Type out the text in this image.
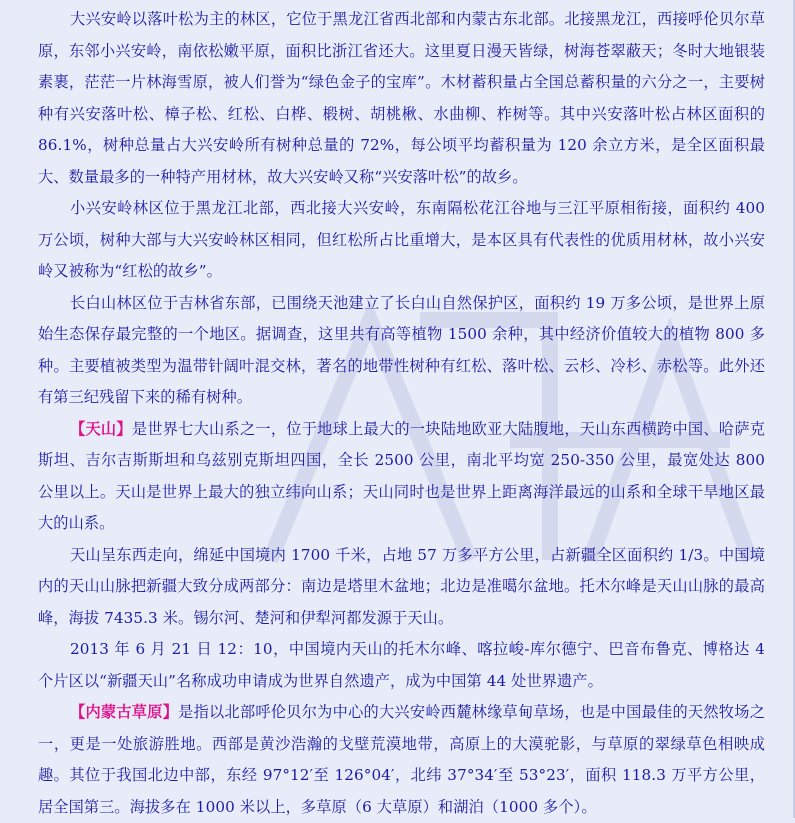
大兴安岭以落叶松为主的林区，它位于黑龙江省西北部和内蒙古东北部。北接黑龙江，西接呼伦贝尔草原，东邻小兴安岭，南依松嫩平原，面积比浙江省还大。这里夏日漫天皆绿，树海苍翠蔽天；冬时大地银装素裹，茫茫一片林海雪原，被人们誉为“绿色金子的宝库”。木材蓄积量占全国总蓄积量的六分之一，主要树种有兴安落叶松、樟子松、红松、白桦、椴树、胡桃楸、水曲柳、柞树等。其中兴安落叶松占林区面积的 86.1%，树种总量占大兴安岭所有树种总量的 72%，每公顷平均蓄积量为 120 余立方米，是全区面积最大、数量最多的一种特产用材林，故大兴安岭又称“兴安落叶松”的故乡。

小兴安岭林区位于黑龙江北部，西北接大兴安岭，东南隔松花江谷地与三江平原相衔接，面积约 400 万公顷，树种大部与大兴安岭林区相同，但红松所占比重增大，是本区具有代表性的优质用材林，故小兴安岭又被称为“红松的故乡”。

长白山林区位于吉林省东部，已围绕天池建立了长白山自然保护区，面积约 19 万多公顷，是世界上原始生态保存最完整的一个地区。据调查，这里共有高等植物 1500 余种，其中经济价值较大的植物 800 多种。主要植被类型为温带针阔叶混交林，著名的地带性树种有红松、落叶松、云杉、冷杉、赤松等。此外还有第三纪残留下来的稀有树种。

【天山】是世界七大山系之一，位于地球上最大的一块陆地欧亚大陆腹地，天山东西横跨中国、哈萨克斯坦、吉尔吉斯斯坦和乌兹别克斯坦四国，全长 2500 公里，南北平均宽 250-350 公里，最宽处达 800 公里以上。天山是世界上最大的独立纬向山系；天山同时也是世界上距离海洋最远的山系和全球干旱地区最大的山系。

天山呈东西走向，绵延中国境内 1700 千米，占地 57 万多平方公里，占新疆全区面积约 1/3。中国境内的天山山脉把新疆大致分成两部分：南边是塔里木盆地；北边是准噶尔盆地。托木尔峰是天山山脉的最高峰，海拔 7435.3 米。锡尔河、楚河和伊犁河都发源于天山。

2013 年 6 月 21 日 12：10，中国境内天山的托木尔峰、喀拉峻-库尔德宁、巴音布鲁克、博格达 4 个片区以“新疆天山”名称成功申请成为世界自然遗产，成为中国第 44 处世界遗产。

【内蒙古草原】是指以北部呼伦贝尔为中心的大兴安岭西麓林缘草甸草场，也是中国最佳的天然牧场之一，更是一处旅游胜地。西部是黄沙浩瀚的戈壁荒漠地带，高原上的大漠驼影，与草原的翠绿草色相映成趣。其位于我国北边中部，东经 97°12′至 126°04′，北纬 37°34′至 53°23′，面积 118.3 万平方公里，居全国第三。海拔多在 1000 米以上，多草原（6 大草原）和湖泊（1000 多个）。
